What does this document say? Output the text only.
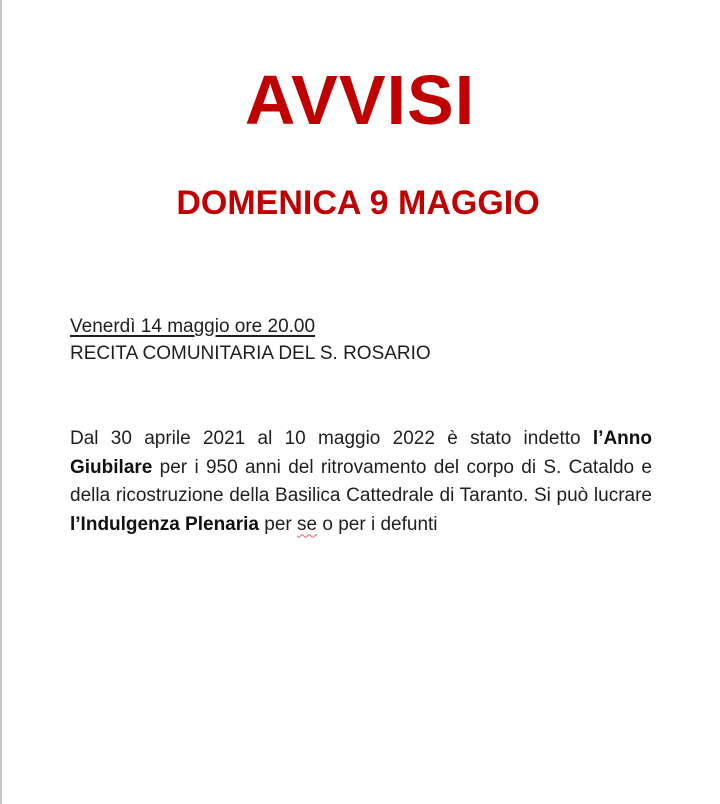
AVVISI
DOMENICA 9 MAGGIO
Venerdì 14 maggio ore 20.00
RECITA COMUNITARIA DEL S. ROSARIO
Dal 30 aprile 2021 al 10 maggio 2022 è stato indetto l’Anno Giubilare per i 950 anni del ritrovamento del corpo di S. Cataldo e della ricostruzione della Basilica Cattedrale di Taranto. Si può lucrare l’Indulgenza Plenaria per se o per i defunti
